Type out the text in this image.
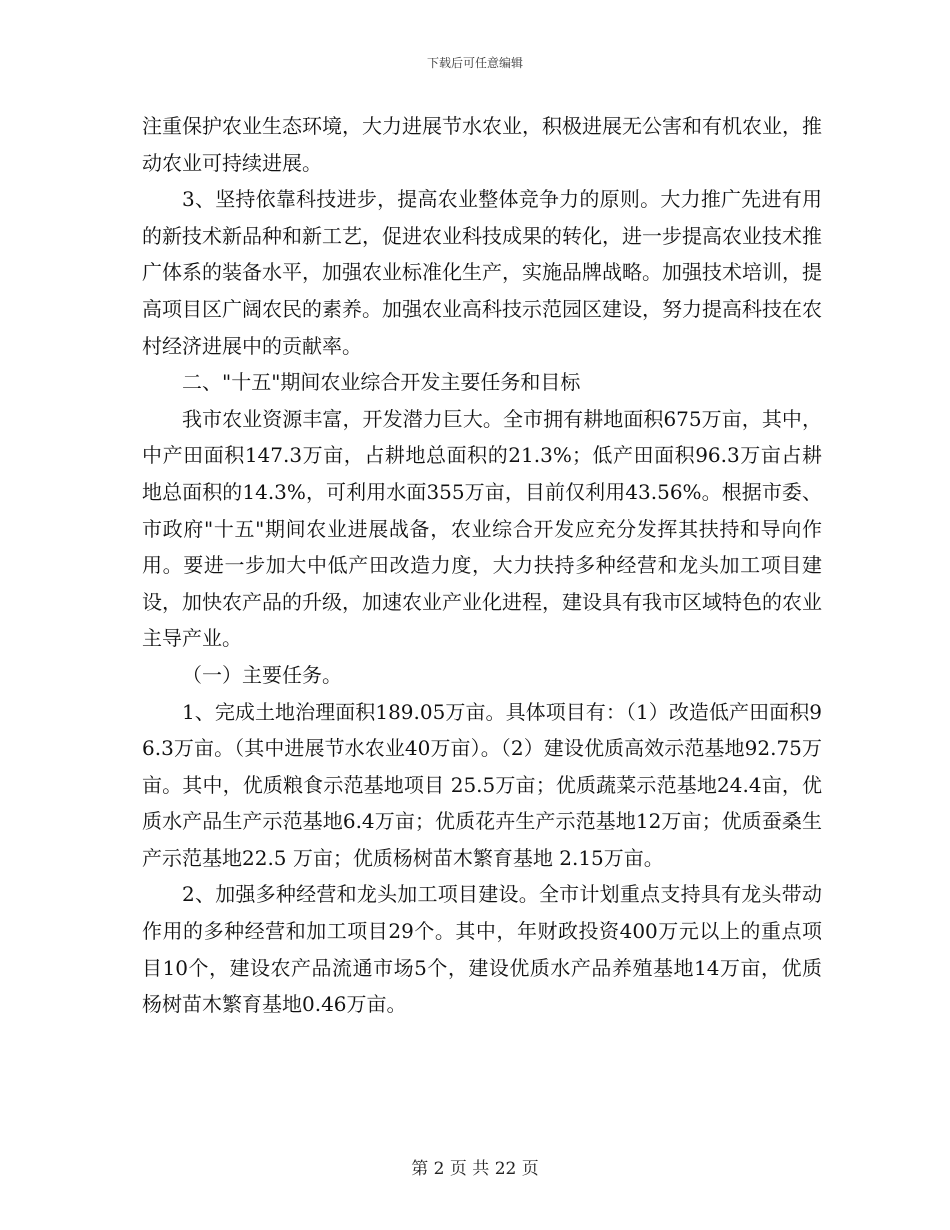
下载后可任意编辑

注重保护农业生态环境，大力进展节水农业，积极进展无公害和有机农业，推动农业可持续进展。

3、坚持依靠科技进步，提高农业整体竞争力的原则。大力推广先进有用的新技术新品种和新工艺，促进农业科技成果的转化，进一步提高农业技术推广体系的装备水平，加强农业标准化生产，实施品牌战略。加强技术培训，提高项目区广阔农民的素养。加强农业高科技示范园区建设，努力提高科技在农村经济进展中的贡献率。

二、"十五"期间农业综合开发主要任务和目标

我市农业资源丰富，开发潜力巨大。全市拥有耕地面积675万亩，其中，中产田面积147.3万亩，占耕地总面积的21.3%；低产田面积96.3万亩占耕地总面积的14.3%，可利用水面355万亩，目前仅利用43.56%。根据市委、市政府"十五"期间农业进展战备，农业综合开发应充分发挥其扶持和导向作用。要进一步加大中低产田改造力度，大力扶持多种经营和龙头加工项目建设，加快农产品的升级，加速农业产业化进程，建设具有我市区域特色的农业主导产业。

（一）主要任务。

1、完成土地治理面积189.05万亩。具体项目有：（1）改造低产田面积96.3万亩。（其中进展节水农业40万亩）。（2）建设优质高效示范基地92.75万亩。其中，优质粮食示范基地项目 25.5万亩；优质蔬菜示范基地24.4亩，优质水产品生产示范基地6.4万亩；优质花卉生产示范基地12万亩；优质蚕桑生产示范基地22.5 万亩；优质杨树苗木繁育基地 2.15万亩。

2、加强多种经营和龙头加工项目建设。全市计划重点支持具有龙头带动作用的多种经营和加工项目29个。其中，年财政投资400万元以上的重点项目10个，建设农产品流通市场5个，建设优质水产品养殖基地14万亩，优质杨树苗木繁育基地0.46万亩。

第 2 页 共 22 页
